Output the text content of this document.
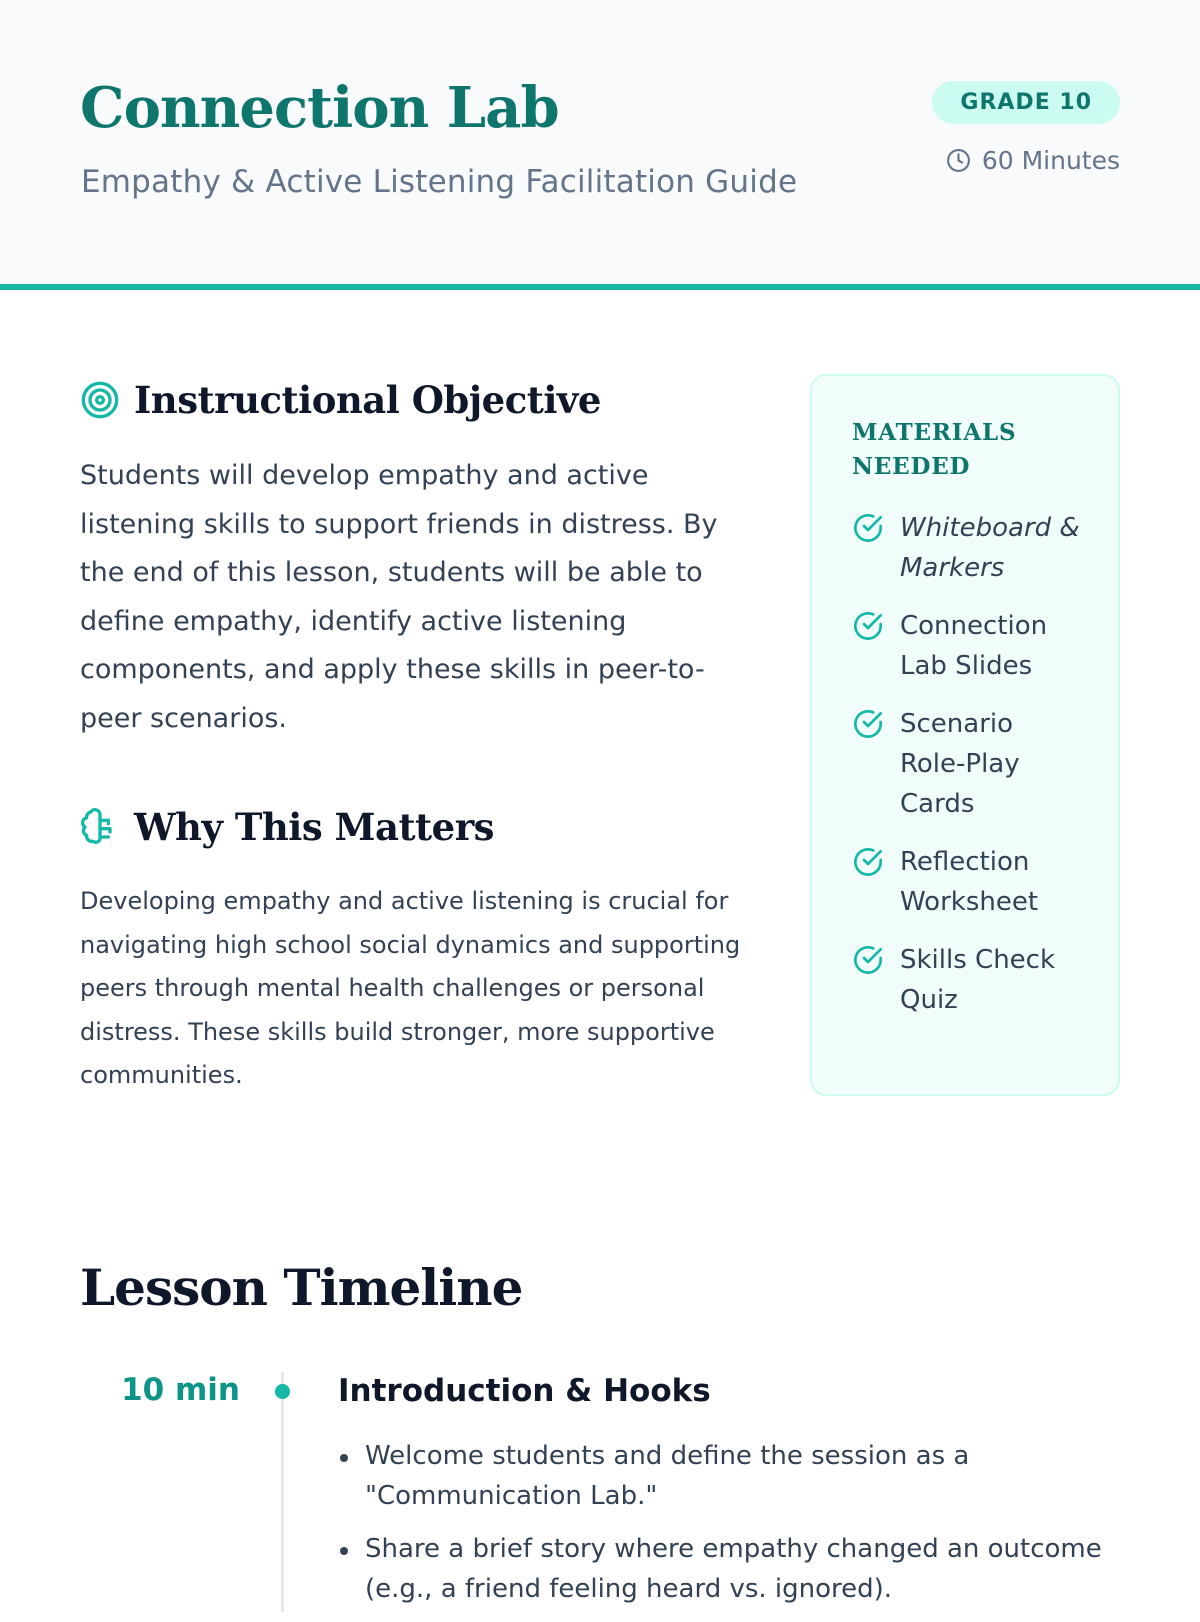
Connection Lab
Empathy & Active Listening Facilitation Guide
GRADE 10
60 Minutes
Instructional Objective

Students will develop empathy and active listening skills to support friends in distress. By the end of this lesson, students will be able to define empathy, identify active listening components, and apply these skills in peer-to-peer scenarios.

Why This Matters

Developing empathy and active listening is crucial for navigating high school social dynamics and supporting peers through mental health challenges or personal distress. These skills build stronger, more supportive communities.

MATERIALS NEEDED
Whiteboard & Markers
Connection Lab Slides
Scenario Role-Play Cards
Reflection Worksheet
Skills Check Quiz
Lesson Timeline
10 min	Introduction & Hooks
Welcome students and define the session as a "Communication Lab."
Share a brief story where empathy changed an outcome (e.g., a friend feeling heard vs. ignored).
